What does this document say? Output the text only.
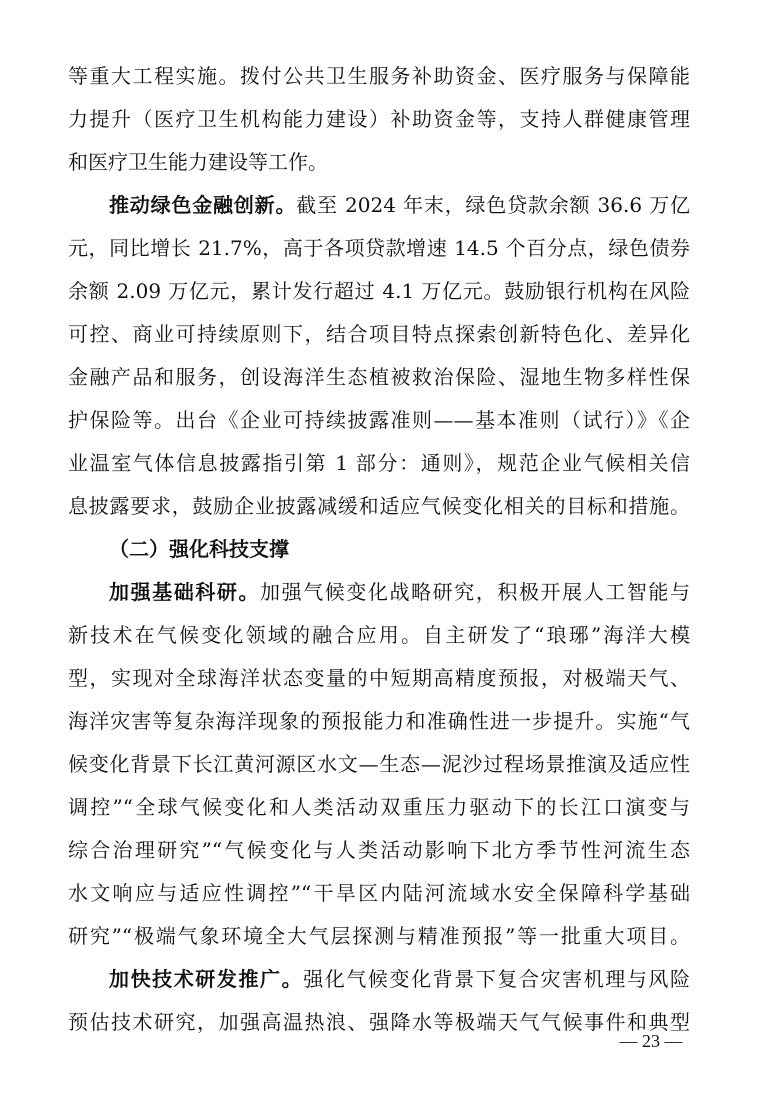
等重大工程实施。拨付公共卫生服务补助资金、医疗服务与保障能
力提升（医疗卫生机构能力建设）补助资金等，支持人群健康管理
和医疗卫生能力建设等工作。
推动绿色金融创新。截至 2024 年末，绿色贷款余额 36.6 万亿
元，同比增长 21.7%，高于各项贷款增速 14.5 个百分点，绿色债券
余额 2.09 万亿元，累计发行超过 4.1 万亿元。鼓励银行机构在风险
可控、商业可持续原则下，结合项目特点探索创新特色化、差异化
金融产品和服务，创设海洋生态植被救治保险、湿地生物多样性保
护保险等。出台《企业可持续披露准则——基本准则（试行）》《企
业温室气体信息披露指引第 1 部分：通则》，规范企业气候相关信
息披露要求，鼓励企业披露减缓和适应气候变化相关的目标和措施。
（二）强化科技支撑
加强基础科研。加强气候变化战略研究，积极开展人工智能与
新技术在气候变化领域的融合应用。自主研发了“琅琊”海洋大模
型，实现对全球海洋状态变量的中短期高精度预报，对极端天气、
海洋灾害等复杂海洋现象的预报能力和准确性进一步提升。实施“气
候变化背景下长江黄河源区水文—生态—泥沙过程场景推演及适应性
调控”“全球气候变化和人类活动双重压力驱动下的长江口演变与
综合治理研究”“气候变化与人类活动影响下北方季节性河流生态
水文响应与适应性调控”“干旱区内陆河流域水安全保障科学基础
研究”“极端气象环境全大气层探测与精准预报”等一批重大项目。
加快技术研发推广。强化气候变化背景下复合灾害机理与风险
预估技术研究，加强高温热浪、强降水等极端天气气候事件和典型
— 23 —
